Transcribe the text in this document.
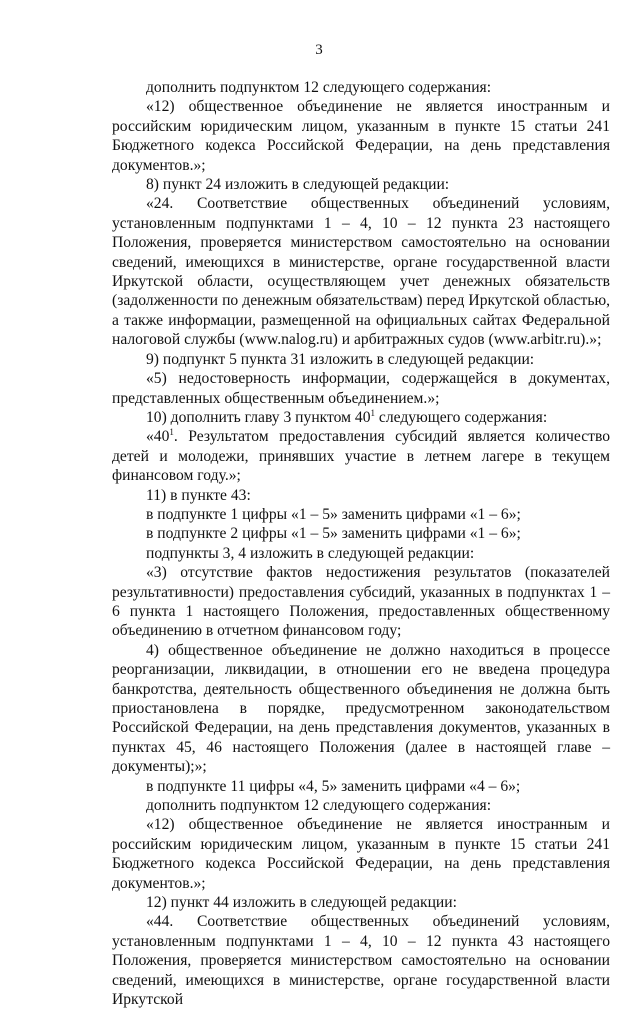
3

дополнить подпунктом 12 следующего содержания:

«12) общественное объединение не является иностранным и российским юридическим лицом, указанным в пункте 15 статьи 241 Бюджетного кодекса Российской Федерации, на день представления документов.»;

8) пункт 24 изложить в следующей редакции:

«24. Соответствие общественных объединений условиям, установленным подпунктами 1 – 4, 10 – 12 пункта 23 настоящего Положения, проверяется министерством самостоятельно на основании сведений, имеющихся в министерстве, органе государственной власти Иркутской области, осуществляющем учет денежных обязательств (задолженности по денежным обязательствам) перед Иркутской областью, а также информации, размещенной на официальных сайтах Федеральной налоговой службы (www.nalog.ru) и арбитражных судов (www.arbitr.ru).»;

9) подпункт 5 пункта 31 изложить в следующей редакции:

«5) недостоверность информации, содержащейся в документах, представленных общественным объединением.»;

10) дополнить главу 3 пунктом $40^1$ следующего содержания:

«$40^1$. Результатом предоставления субсидий является количество детей и молодежи, принявших участие в летнем лагере в текущем финансовом году.»;

11) в пункте 43:

в подпункте 1 цифры «1 – 5» заменить цифрами «1 – 6»;

в подпункте 2 цифры «1 – 5» заменить цифрами «1 – 6»;

подпункты 3, 4 изложить в следующей редакции:

«3) отсутствие фактов недостижения результатов (показателей результативности) предоставления субсидий, указанных в подпунктах 1 – 6 пункта 1 настоящего Положения, предоставленных общественному объединению в отчетном финансовом году;

4) общественное объединение не должно находиться в процессе реорганизации, ликвидации, в отношении его не введена процедура банкротства, деятельность общественного объединения не должна быть приостановлена в порядке, предусмотренном законодательством Российской Федерации, на день представления документов, указанных в пунктах 45, 46 настоящего Положения (далее в настоящей главе – документы);»;

в подпункте 11 цифры «4, 5» заменить цифрами «4 – 6»;

дополнить подпунктом 12 следующего содержания:

«12) общественное объединение не является иностранным и российским юридическим лицом, указанным в пункте 15 статьи 241 Бюджетного кодекса Российской Федерации, на день представления документов.»;

12) пункт 44 изложить в следующей редакции:

«44. Соответствие общественных объединений условиям, установленным подпунктами 1 – 4, 10 – 12 пункта 43 настоящего Положения, проверяется министерством самостоятельно на основании сведений, имеющихся в министерстве, органе государственной власти Иркутской
